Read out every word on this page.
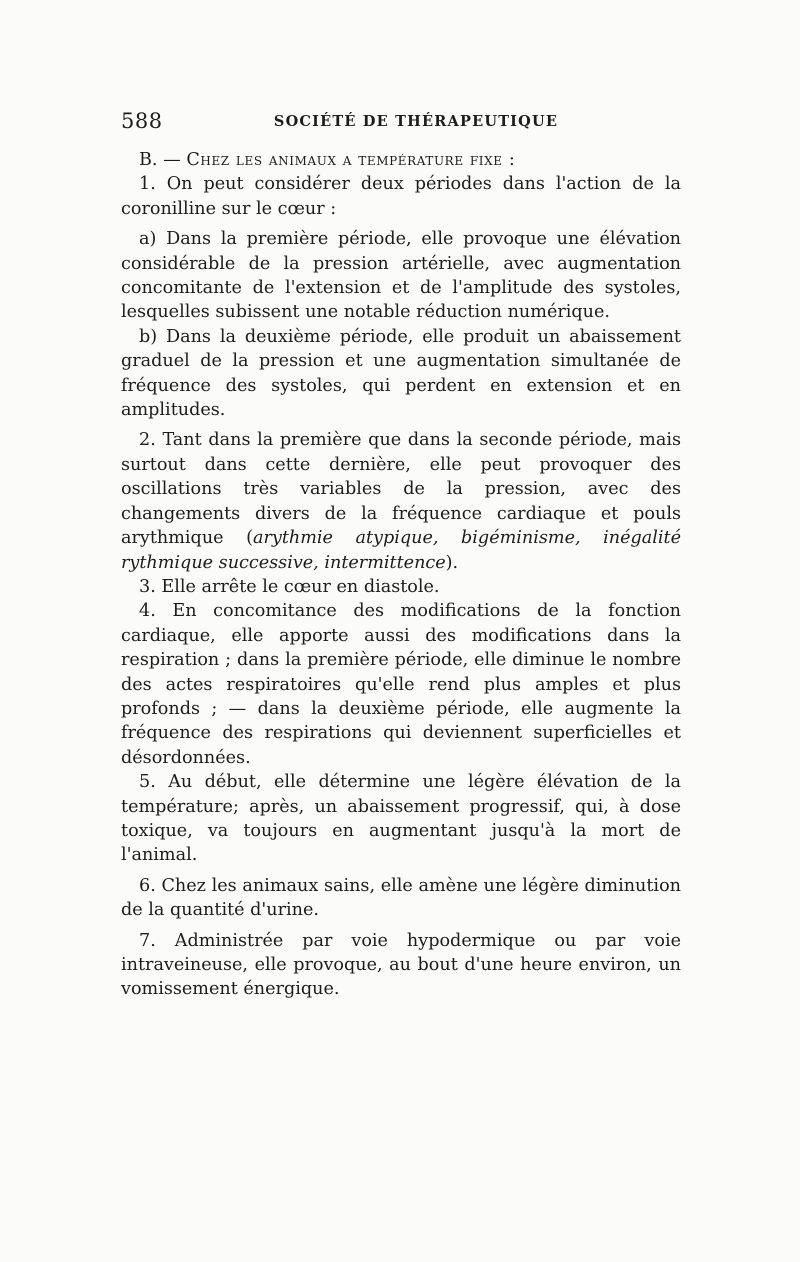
588	SOCIÉTÉ DE THÉRAPEUTIQUE

B. — Chez les animaux a température fixe :

1. On peut considérer deux périodes dans l'action de la coronilline sur le cœur :

a) Dans la première période, elle provoque une élévation considérable de la pression artérielle, avec augmentation concomitante de l'extension et de l'amplitude des systoles, lesquelles subissent une notable réduction numérique.

b) Dans la deuxième période, elle produit un abaissement graduel de la pression et une augmentation simultanée de fréquence des systoles, qui perdent en extension et en amplitudes.

2. Tant dans la première que dans la seconde période, mais surtout dans cette dernière, elle peut provoquer des oscillations très variables de la pression, avec des changements divers de la fréquence cardiaque et pouls arythmique (arythmie atypique, bigéminisme, inégalité rythmique successive, intermittence).

3. Elle arrête le cœur en diastole.

4. En concomitance des modifications de la fonction cardiaque, elle apporte aussi des modifications dans la respiration ; dans la première période, elle diminue le nombre des actes respiratoires qu'elle rend plus amples et plus profonds ; — dans la deuxième période, elle augmente la fréquence des respirations qui deviennent superficielles et désordonnées.

5. Au début, elle détermine une légère élévation de la température; après, un abaissement progressif, qui, à dose toxique, va toujours en augmentant jusqu'à la mort de l'animal.

6. Chez les animaux sains, elle amène une légère diminution de la quantité d'urine.

7. Administrée par voie hypodermique ou par voie intraveineuse, elle provoque, au bout d'une heure environ, un vomissement énergique.
